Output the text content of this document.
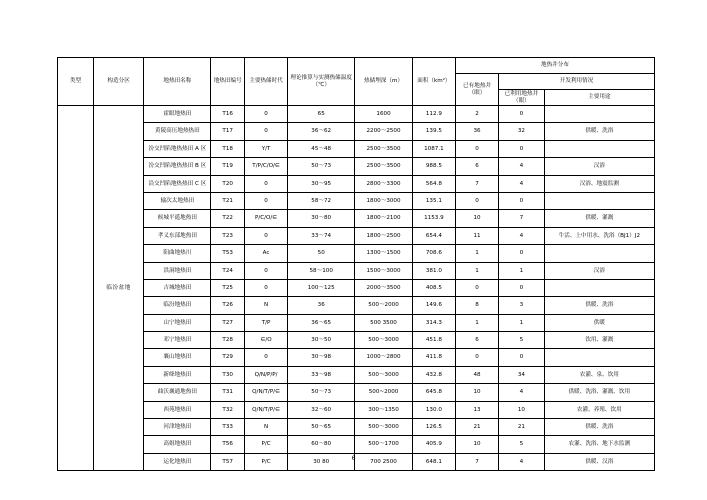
类型	构造分区	地热田名称	地热田编号	主要热储时代	理论推算与实测热储温度（℃）	热储埋深（m）	面积（km²）	地热井分布		
								已有地热井（眼）	开发利用情况	
									已利用地热井（眼）	主要用途
	临汾盆地	霍眼地热田	T16	0	65	1600	112.9	2	0	
		黄陵高压地热热田	T17	0	36～62	2200～2500	139.5	36	32	供暖、洗浴
		汾交凹陷地热热田 A 区	T18	Y/T	45～48	2500～3500	1087.1	0	0	
		汾交凹陷地热热田 B 区	T19	T/P/C/O/∈	50～73	2500～3500	988.5	6	4	汉浴
		沿交凹陷地热热田 C 区	T20	0	30～95	2800～3300	564.8	7	4	汉浴、地震监测
		输次太地热田	T21	0	58～72	1800～3000	135.1	0	0	
		候城平遥地热田	T22	P/C/O/∈	30～80	1800～2100	1153.9	10	7	供暖、灌溉
		孝义东部地热田	T23	0	33～74	1800～2500	654.4	11	4	牛活、上中用水、洗浴（BJ1）J2
		阳曲地热川	T53	Ac	50	1300～1500	708.6	1	0	
		洪洞地热田	T24	0	58～100	1500～3000	381.0	1	1	汉浴
		吉城地热田	T25	0	100～125	2000～3500	408.5	0	0	
		临汾地热田	T26	N	36	500～2000	149.6	8	3	供暖、洗浴
		山宁地热田	T27	T/P	36～65	500 3500	314.3	1	1	供暖
		邓宁地热田	T28	∈/O	30～50	500～3000	451.8	6	5	饮用、灌溉
		襄山地热田	T29	0	30～98	1000～2800	411.8	0	0	
		新绛地热田	T30	Q/N/P/P/	33～98	500～3000	432.8	48	34	农灌、泉、饮用
		曲沃襄通地热田	T31	Q/N/T/P/∈	50～73	500~2000	645.8	10	4	供暖、洗浴、灌溉、饮用
		西苑地热田	T32	Q/N/T/P/∈	32～60	300～1350	130.0	13	10	农灌、养殖、饮用
		河津地热田	T33	N	50～65	500～3000	126.5	21	21	供暖、洗浴
		高姐地热田	T56	P/C	60～80	500～1700	405.9	10	5	农灌、洗浴、地下水监测
		运化地热田	T57	P/C	30 80	700 2500	648.1	7	4	供暖、汉浴
6
